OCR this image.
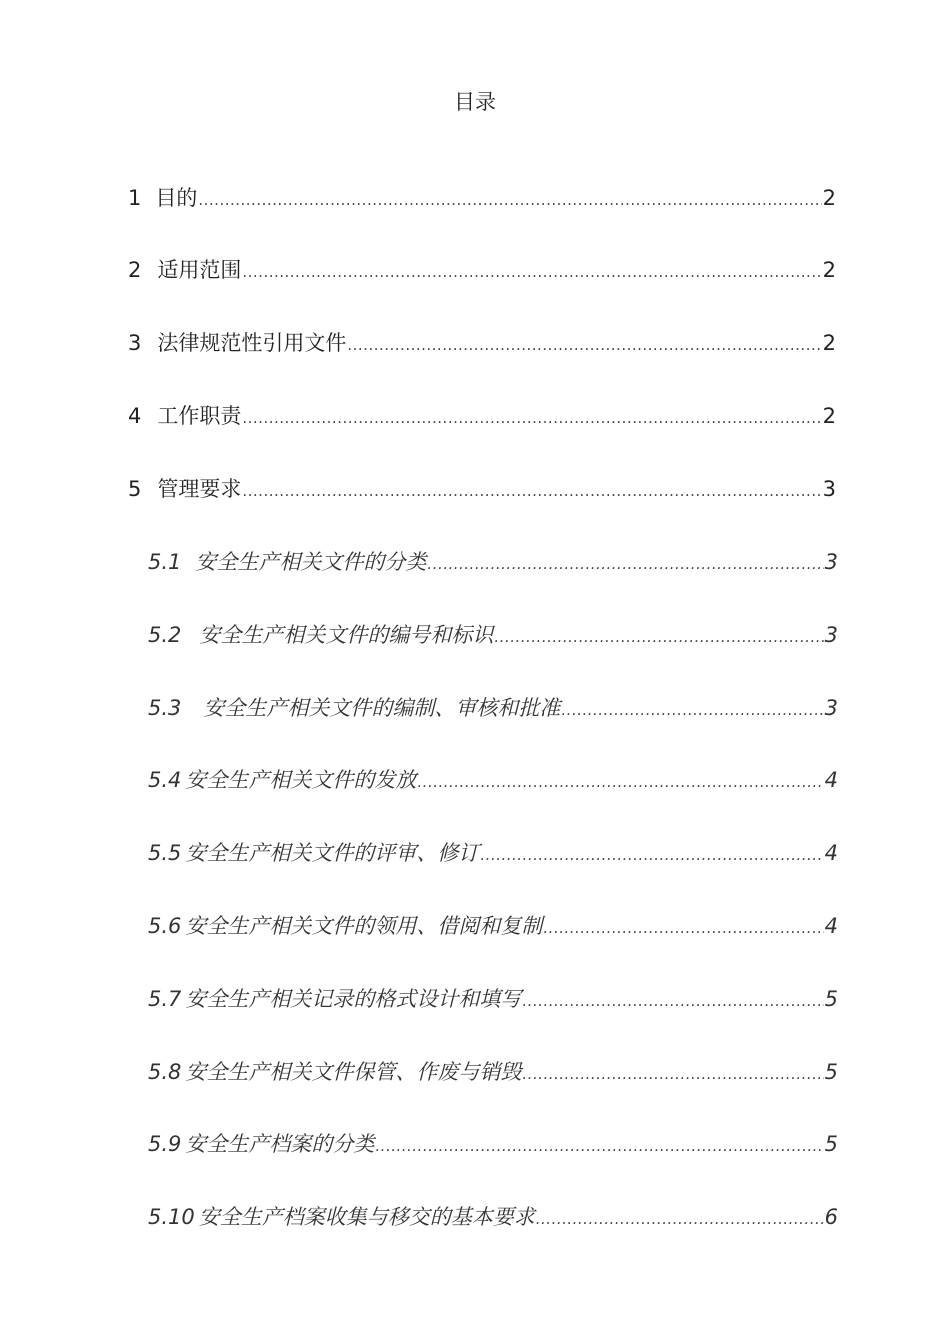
目录
1 目的 .....	2
2 适用范围 .....	2
3 法律规范性引用文件 .....	2
4 工作职责 .....	2
5 管理要求 .....	3
5.1 安全生产相关文件的分类 .....	3
5.2 安全生产相关文件的编号和标识 .....	3
5.3 安全生产相关文件的编制、审核和批准 .....	3
5.4 安全生产相关文件的发放 .....	4
5.5 安全生产相关文件的评审、修订 .....	4
5.6 安全生产相关文件的领用、借阅和复制 .....	4
5.7 安全生产相关记录的格式设计和填写 .....	5
5.8 安全生产相关文件保管、作废与销毁 .....	5
5.9 安全生产档案的分类 .....	5
5.10 安全生产档案收集与移交的基本要求 .....	6
